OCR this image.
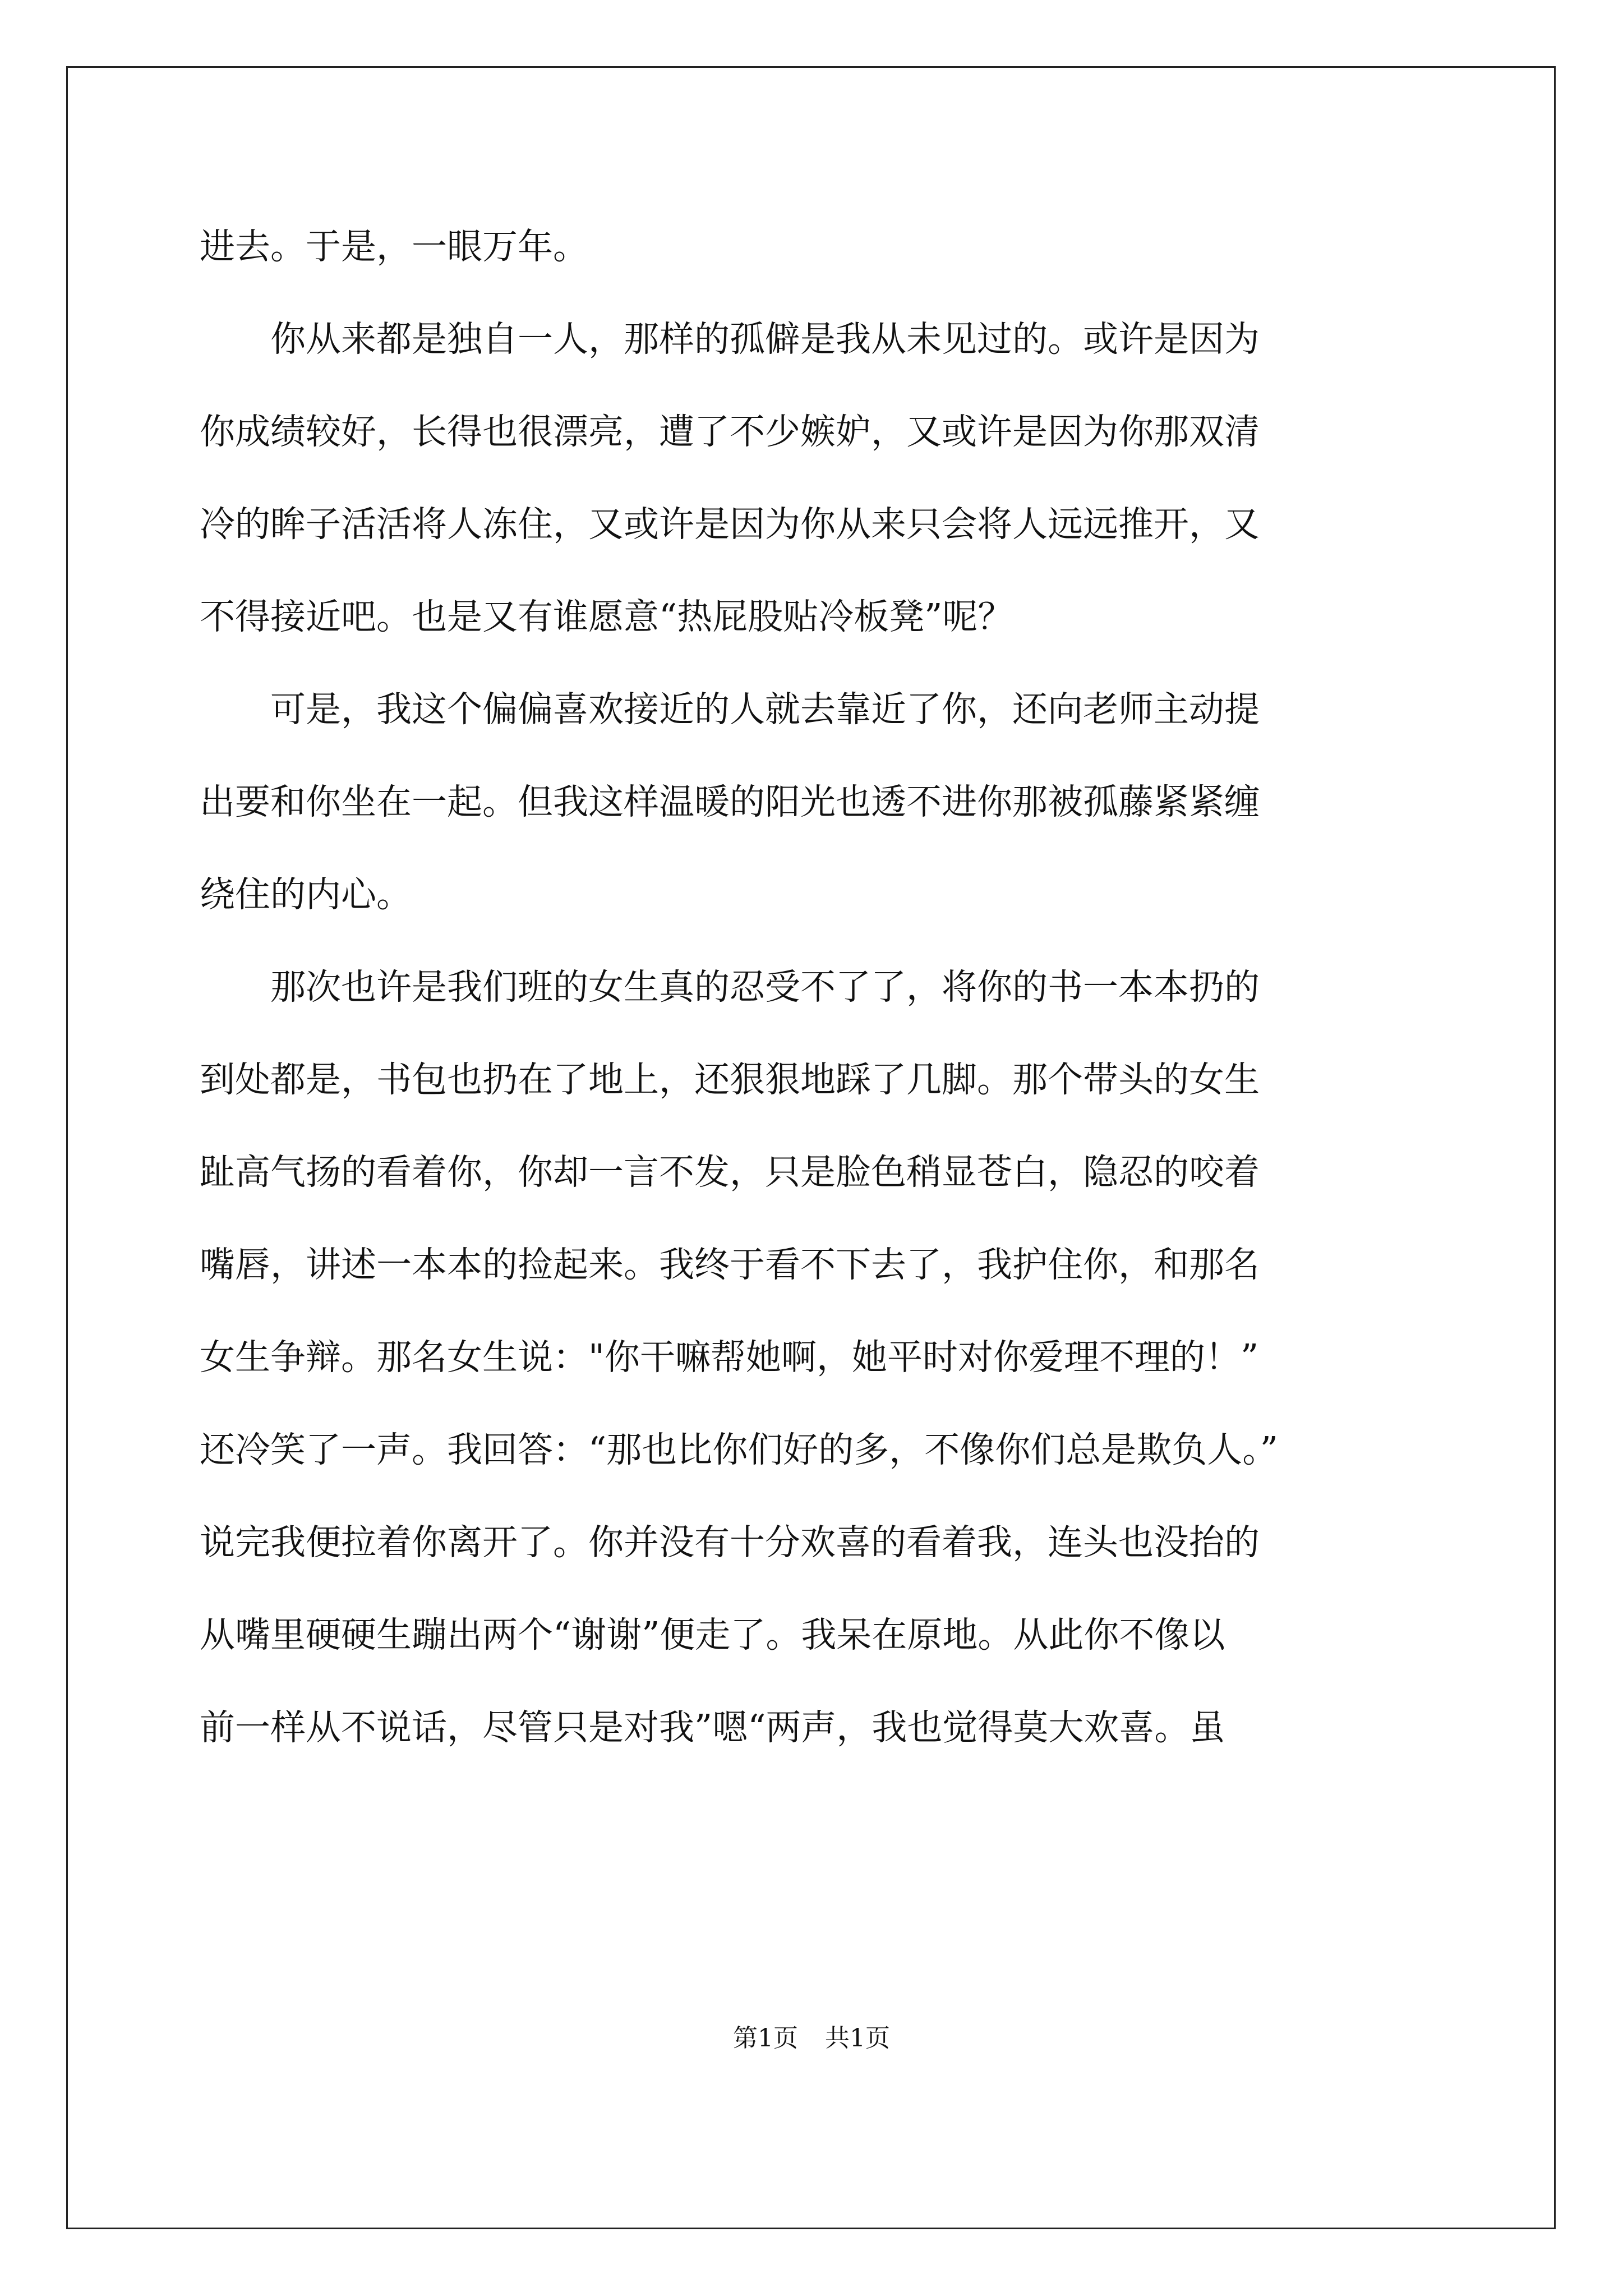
进去。于是，一眼万年。
　　你从来都是独自一人，那样的孤僻是我从未见过的。或许是因为
你成绩较好，长得也很漂亮，遭了不少嫉妒，又或许是因为你那双清
冷的眸子活活将人冻住，又或许是因为你从来只会将人远远推开，又
不得接近吧。也是又有谁愿意“热屁股贴冷板凳”呢？
　　可是，我这个偏偏喜欢接近的人就去靠近了你，还向老师主动提
出要和你坐在一起。但我这样温暖的阳光也透不进你那被孤藤紧紧缠
绕住的内心。
　　那次也许是我们班的女生真的忍受不了了，将你的书一本本扔的
到处都是，书包也扔在了地上，还狠狠地踩了几脚。那个带头的女生
趾高气扬的看着你，你却一言不发，只是脸色稍显苍白，隐忍的咬着
嘴唇，讲述一本本的捡起来。我终于看不下去了，我护住你，和那名
女生争辩。那名女生说："你干嘛帮她啊，她平时对你爱理不理的！”
还冷笑了一声。我回答：“那也比你们好的多，不像你们总是欺负人。”
说完我便拉着你离开了。你并没有十分欢喜的看着我，连头也没抬的
从嘴里硬硬生蹦出两个“谢谢”便走了。我呆在原地。从此你不像以
前一样从不说话，尽管只是对我”嗯“两声，我也觉得莫大欢喜。虽
第1页 共1页
